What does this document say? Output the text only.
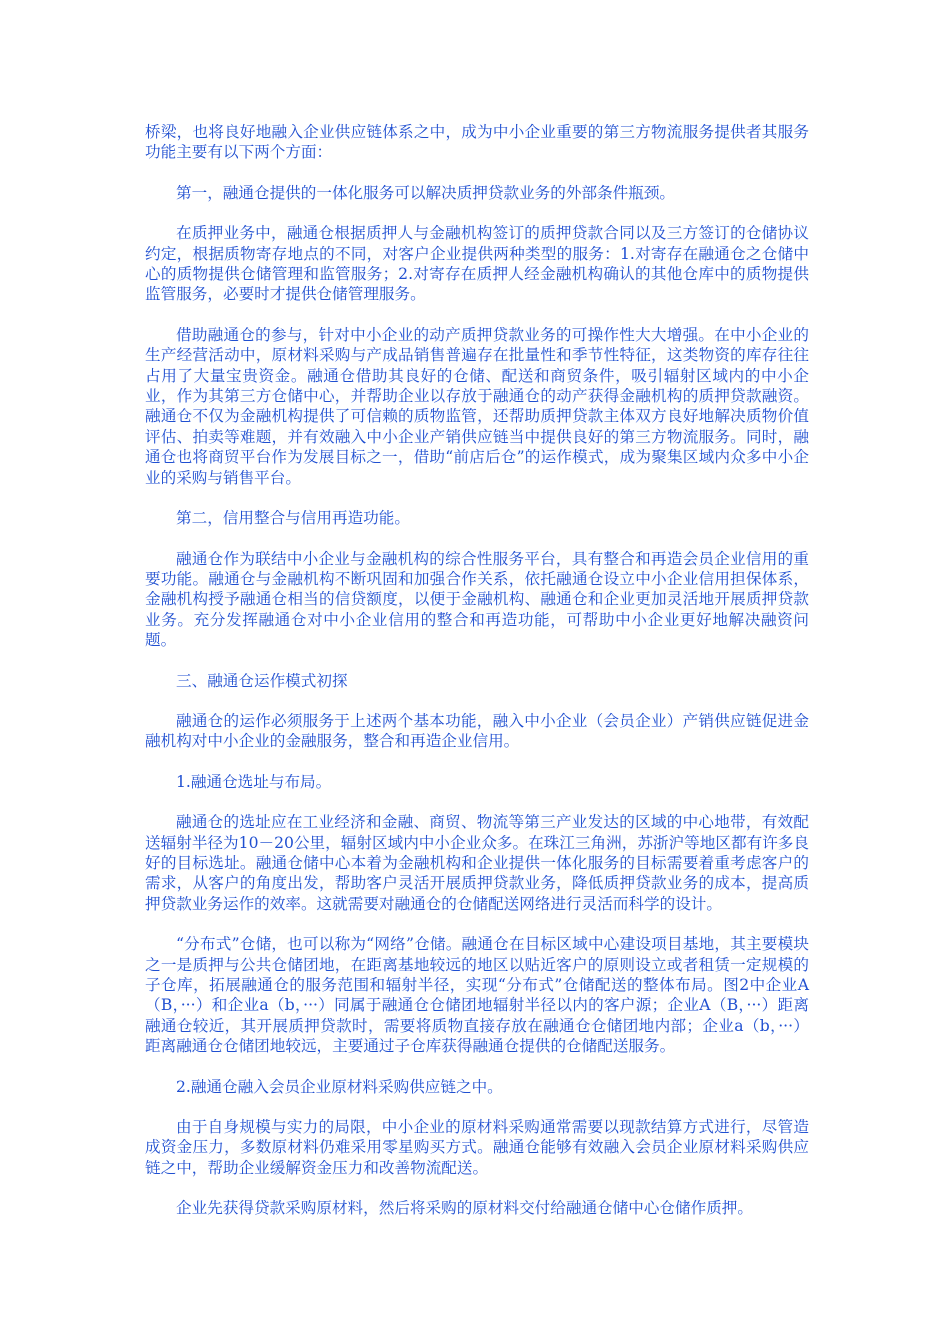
桥梁，也将良好地融入企业供应链体系之中，成为中小企业重要的第三方物流服务提供者其服务功能主要有以下两个方面：

第一，融通仓提供的一体化服务可以解决质押贷款业务的外部条件瓶颈。

在质押业务中，融通仓根据质押人与金融机构签订的质押贷款合同以及三方签订的仓储协议约定，根据质物寄存地点的不同，对客户企业提供两种类型的服务：1.对寄存在融通仓之仓储中心的质物提供仓储管理和监管服务；2.对寄存在质押人经金融机构确认的其他仓库中的质物提供监管服务，必要时才提供仓储管理服务。

借助融通仓的参与，针对中小企业的动产质押贷款业务的可操作性大大增强。在中小企业的生产经营活动中，原材料采购与产成品销售普遍存在批量性和季节性特征，这类物资的库存往往占用了大量宝贵资金。融通仓借助其良好的仓储、配送和商贸条件，吸引辐射区域内的中小企业，作为其第三方仓储中心，并帮助企业以存放于融通仓的动产获得金融机构的质押贷款融资。融通仓不仅为金融机构提供了可信赖的质物监管，还帮助质押贷款主体双方良好地解决质物价值评估、拍卖等难题，并有效融入中小企业产销供应链当中提供良好的第三方物流服务。同时，融通仓也将商贸平台作为发展目标之一，借助“前店后仓”的运作模式，成为聚集区域内众多中小企业的采购与销售平台。

第二，信用整合与信用再造功能。

融通仓作为联结中小企业与金融机构的综合性服务平台，具有整合和再造会员企业信用的重要功能。融通仓与金融机构不断巩固和加强合作关系，依托融通仓设立中小企业信用担保体系，金融机构授予融通仓相当的信贷额度，以便于金融机构、融通仓和企业更加灵活地开展质押贷款业务。充分发挥融通仓对中小企业信用的整合和再造功能，可帮助中小企业更好地解决融资问题。

三、融通仓运作模式初探

融通仓的运作必须服务于上述两个基本功能，融入中小企业（会员企业）产销供应链促进金融机构对中小企业的金融服务，整合和再造企业信用。

1.融通仓选址与布局。

融通仓的选址应在工业经济和金融、商贸、物流等第三产业发达的区域的中心地带，有效配送辐射半径为10－20公里，辐射区域内中小企业众多。在珠江三角洲，苏浙沪等地区都有许多良好的目标选址。融通仓储中心本着为金融机构和企业提供一体化服务的目标需要着重考虑客户的需求，从客户的角度出发，帮助客户灵活开展质押贷款业务，降低质押贷款业务的成本，提高质押贷款业务运作的效率。这就需要对融通仓的仓储配送网络进行灵活而科学的设计。

“分布式”仓储，也可以称为“网络”仓储。融通仓在目标区域中心建设项目基地，其主要模块之一是质押与公共仓储团地，在距离基地较远的地区以贴近客户的原则设立或者租赁一定规模的子仓库，拓展融通仓的服务范围和辐射半径，实现“分布式”仓储配送的整体布局。图2中企业A（B，···）和企业a（b，···）同属于融通仓仓储团地辐射半径以内的客户源；企业A（B，···）距离融通仓较近，其开展质押贷款时，需要将质物直接存放在融通仓仓储团地内部；企业a（b，···）距离融通仓仓储团地较远，主要通过子仓库获得融通仓提供的仓储配送服务。

2.融通仓融入会员企业原材料采购供应链之中。

由于自身规模与实力的局限，中小企业的原材料采购通常需要以现款结算方式进行，尽管造成资金压力，多数原材料仍难采用零星购买方式。融通仓能够有效融入会员企业原材料采购供应链之中，帮助企业缓解资金压力和改善物流配送。

企业先获得贷款采购原材料，然后将采购的原材料交付给融通仓储中心仓储作质押。
